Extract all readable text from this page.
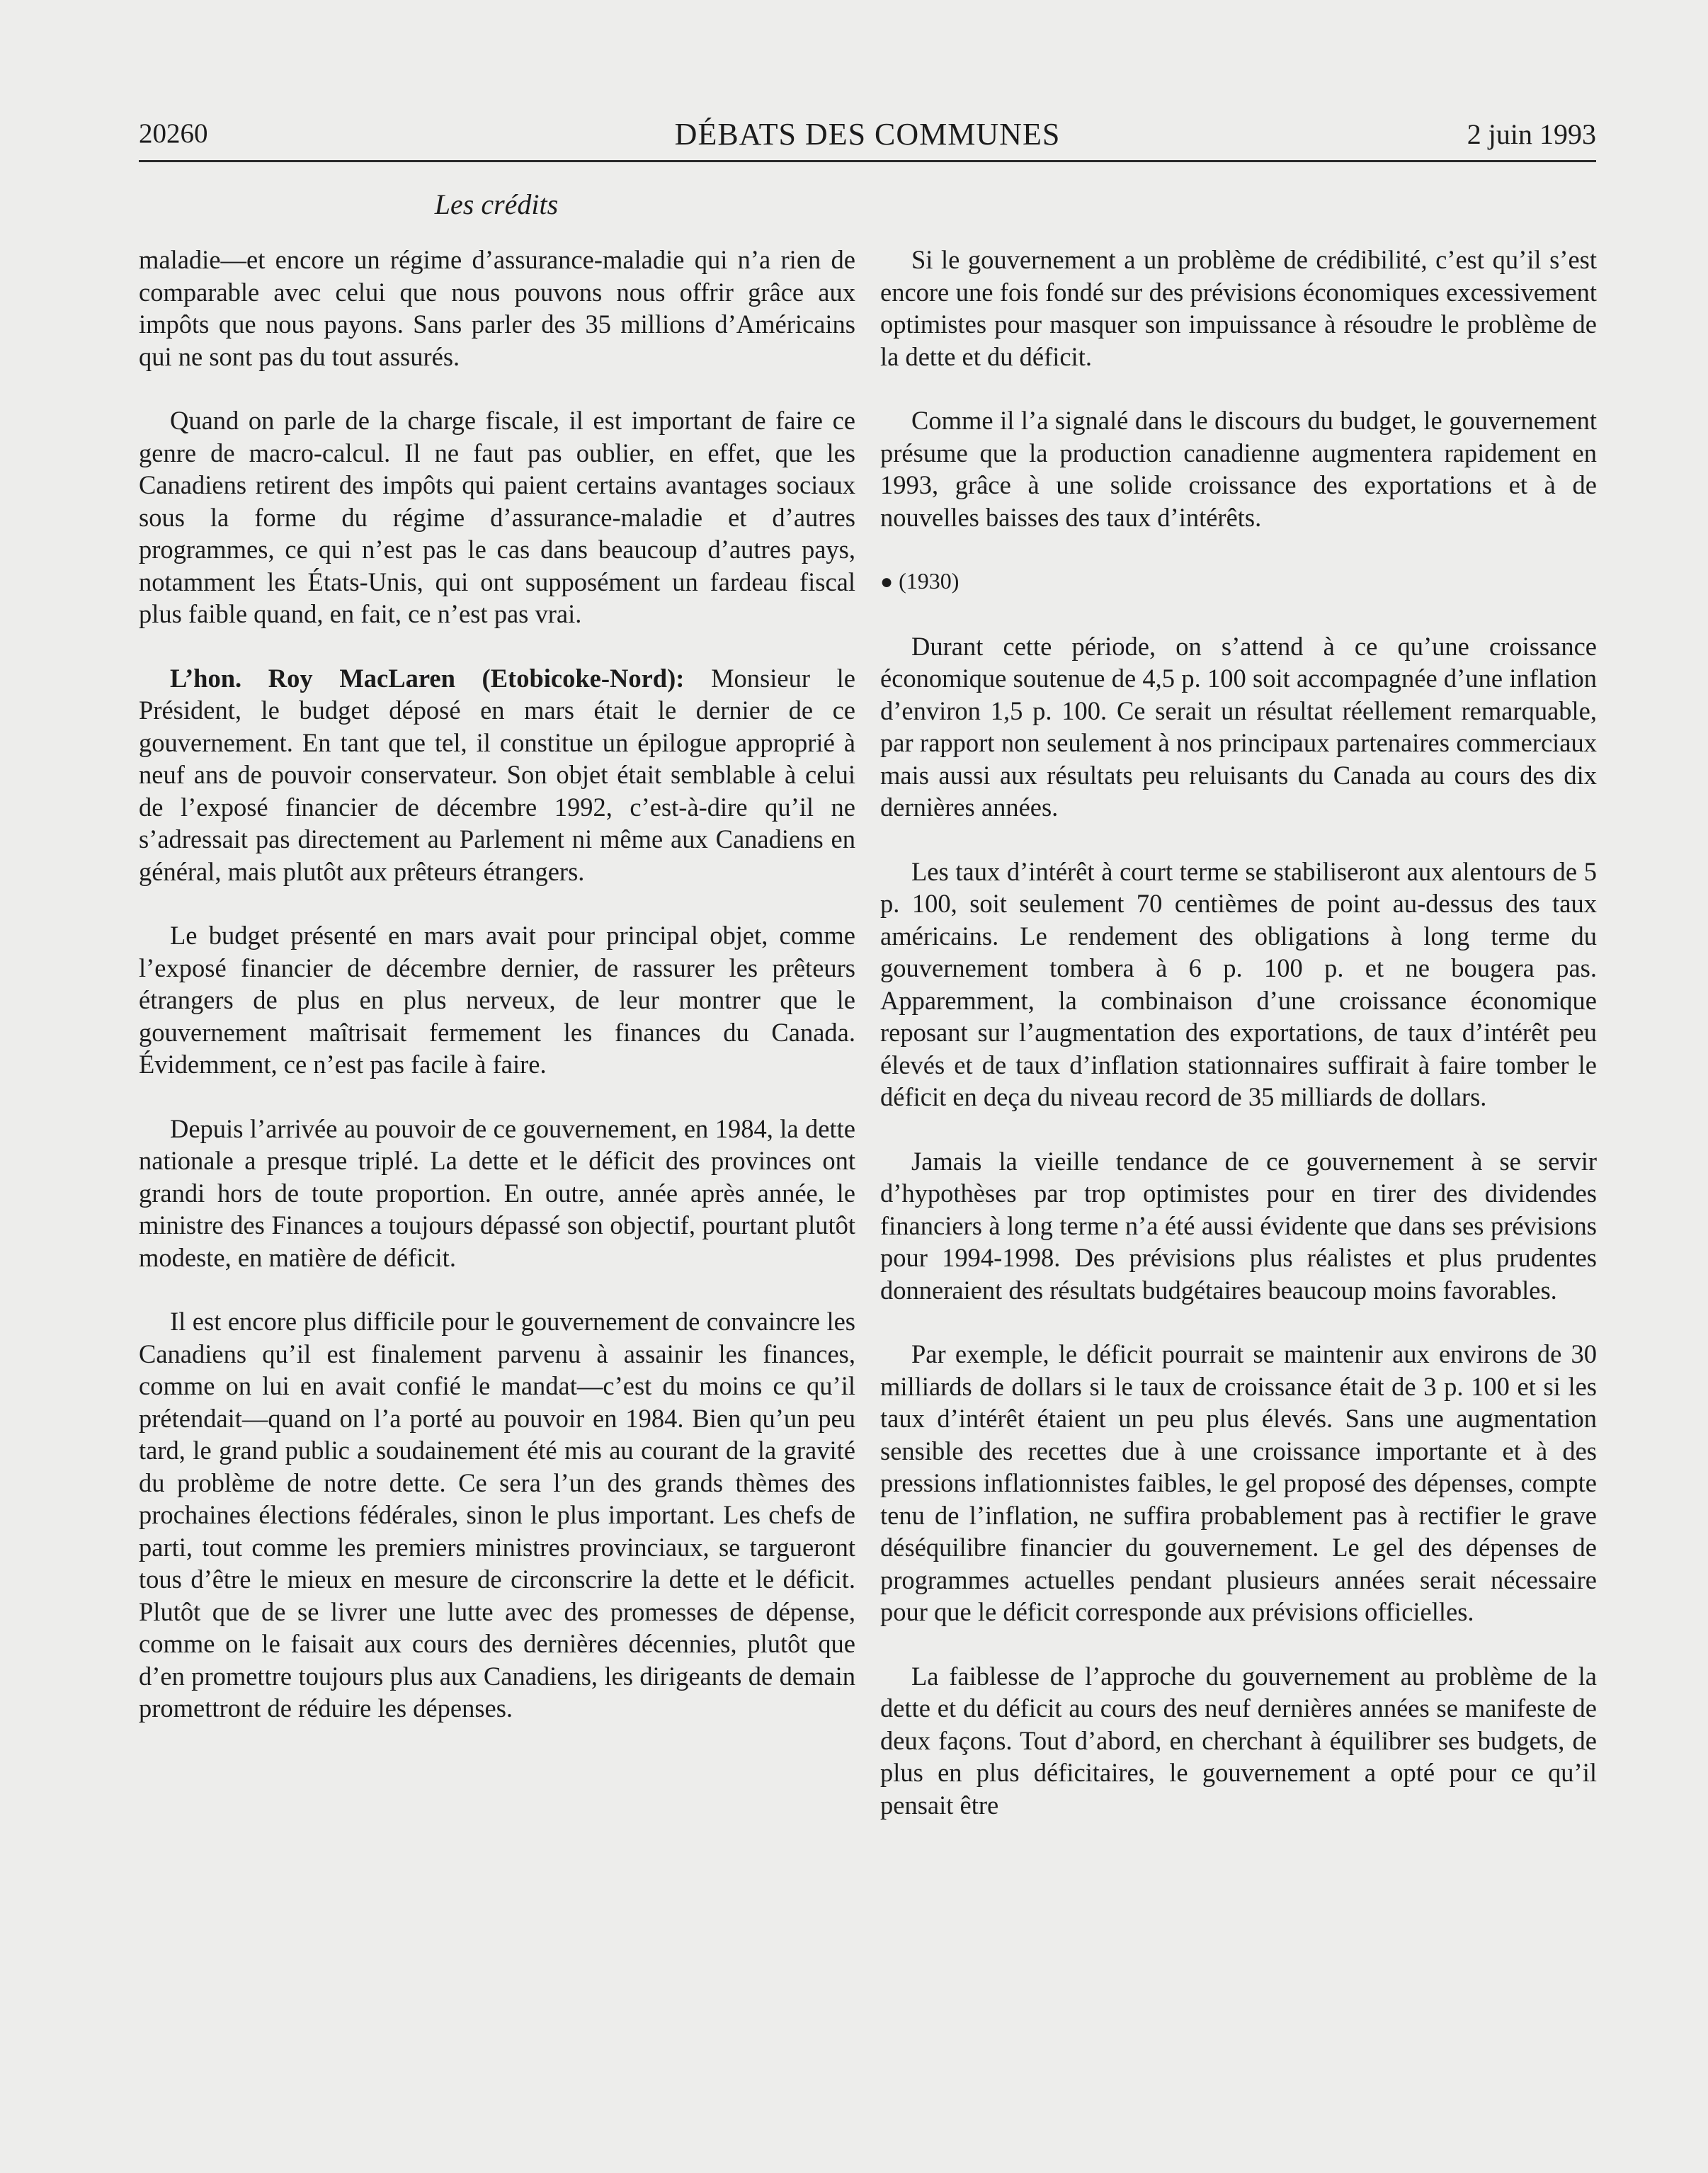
20260	DÉBATS DES COMMUNES	2 juin 1993
Les crédits

maladie—et encore un régime d’assurance-maladie qui n’a rien de comparable avec celui que nous pouvons nous offrir grâce aux impôts que nous payons. Sans parler des 35 millions d’Américains qui ne sont pas du tout assurés.

Quand on parle de la charge fiscale, il est important de faire ce genre de macro-calcul. Il ne faut pas oublier, en effet, que les Canadiens retirent des impôts qui paient certains avantages sociaux sous la forme du régime d’assurance-maladie et d’autres programmes, ce qui n’est pas le cas dans beaucoup d’autres pays, notamment les États-Unis, qui ont supposément un fardeau fiscal plus faible quand, en fait, ce n’est pas vrai.

L’hon. Roy MacLaren (Etobicoke-Nord): Monsieur le Président, le budget déposé en mars était le dernier de ce gouvernement. En tant que tel, il constitue un épilogue approprié à neuf ans de pouvoir conservateur. Son objet était semblable à celui de l’exposé financier de décembre 1992, c’est-à-dire qu’il ne s’adressait pas directement au Parlement ni même aux Canadiens en général, mais plutôt aux prêteurs étrangers.

Le budget présenté en mars avait pour principal objet, comme l’exposé financier de décembre dernier, de rassurer les prêteurs étrangers de plus en plus nerveux, de leur montrer que le gouvernement maîtrisait fermement les finances du Canada. Évidemment, ce n’est pas facile à faire.

Depuis l’arrivée au pouvoir de ce gouvernement, en 1984, la dette nationale a presque triplé. La dette et le déficit des provinces ont grandi hors de toute proportion. En outre, année après année, le ministre des Finances a toujours dépassé son objectif, pourtant plutôt modeste, en matière de déficit.

Il est encore plus difficile pour le gouvernement de convaincre les Canadiens qu’il est finalement parvenu à assainir les finances, comme on lui en avait confié le mandat—c’est du moins ce qu’il prétendait—quand on l’a porté au pouvoir en 1984. Bien qu’un peu tard, le grand public a soudainement été mis au courant de la gravité du problème de notre dette. Ce sera l’un des grands thèmes des prochaines élections fédérales, sinon le plus important. Les chefs de parti, tout comme les premiers ministres provinciaux, se targueront tous d’être le mieux en mesure de circonscrire la dette et le déficit. Plutôt que de se livrer une lutte avec des promesses de dépense, comme on le faisait aux cours des dernières décennies, plutôt que d’en promettre toujours plus aux Canadiens, les dirigeants de demain promettront de réduire les dépenses.

Si le gouvernement a un problème de crédibilité, c’est qu’il s’est encore une fois fondé sur des prévisions économiques excessivement optimistes pour masquer son impuissance à résoudre le problème de la dette et du déficit.

Comme il l’a signalé dans le discours du budget, le gouvernement présume que la production canadienne augmentera rapidement en 1993, grâce à une solide croissance des exportations et à de nouvelles baisses des taux d’intérêts.

● (1930)

Durant cette période, on s’attend à ce qu’une croissance économique soutenue de 4,5 p. 100 soit accompagnée d’une inflation d’environ 1,5 p. 100. Ce serait un résultat réellement remarquable, par rapport non seulement à nos principaux partenaires commerciaux mais aussi aux résultats peu reluisants du Canada au cours des dix dernières années.

Les taux d’intérêt à court terme se stabiliseront aux alentours de 5 p. 100, soit seulement 70 centièmes de point au-dessus des taux américains. Le rendement des obligations à long terme du gouvernement tombera à 6 p. 100 p. et ne bougera pas. Apparemment, la combinaison d’une croissance économique reposant sur l’augmentation des exportations, de taux d’intérêt peu élevés et de taux d’inflation stationnaires suffirait à faire tomber le déficit en deça du niveau record de 35 milliards de dollars.

Jamais la vieille tendance de ce gouvernement à se servir d’hypothèses par trop optimistes pour en tirer des dividendes financiers à long terme n’a été aussi évidente que dans ses prévisions pour 1994-1998. Des prévisions plus réalistes et plus prudentes donneraient des résultats budgétaires beaucoup moins favorables.

Par exemple, le déficit pourrait se maintenir aux environs de 30 milliards de dollars si le taux de croissance était de 3 p. 100 et si les taux d’intérêt étaient un peu plus élevés. Sans une augmentation sensible des recettes due à une croissance importante et à des pressions inflationnistes faibles, le gel proposé des dépenses, compte tenu de l’inflation, ne suffira probablement pas à rectifier le grave déséquilibre financier du gouvernement. Le gel des dépenses de programmes actuelles pendant plusieurs années serait nécessaire pour que le déficit corresponde aux prévisions officielles.

La faiblesse de l’approche du gouvernement au problème de la dette et du déficit au cours des neuf dernières années se manifeste de deux façons. Tout d’abord, en cherchant à équilibrer ses budgets, de plus en plus déficitaires, le gouvernement a opté pour ce qu’il pensait être
